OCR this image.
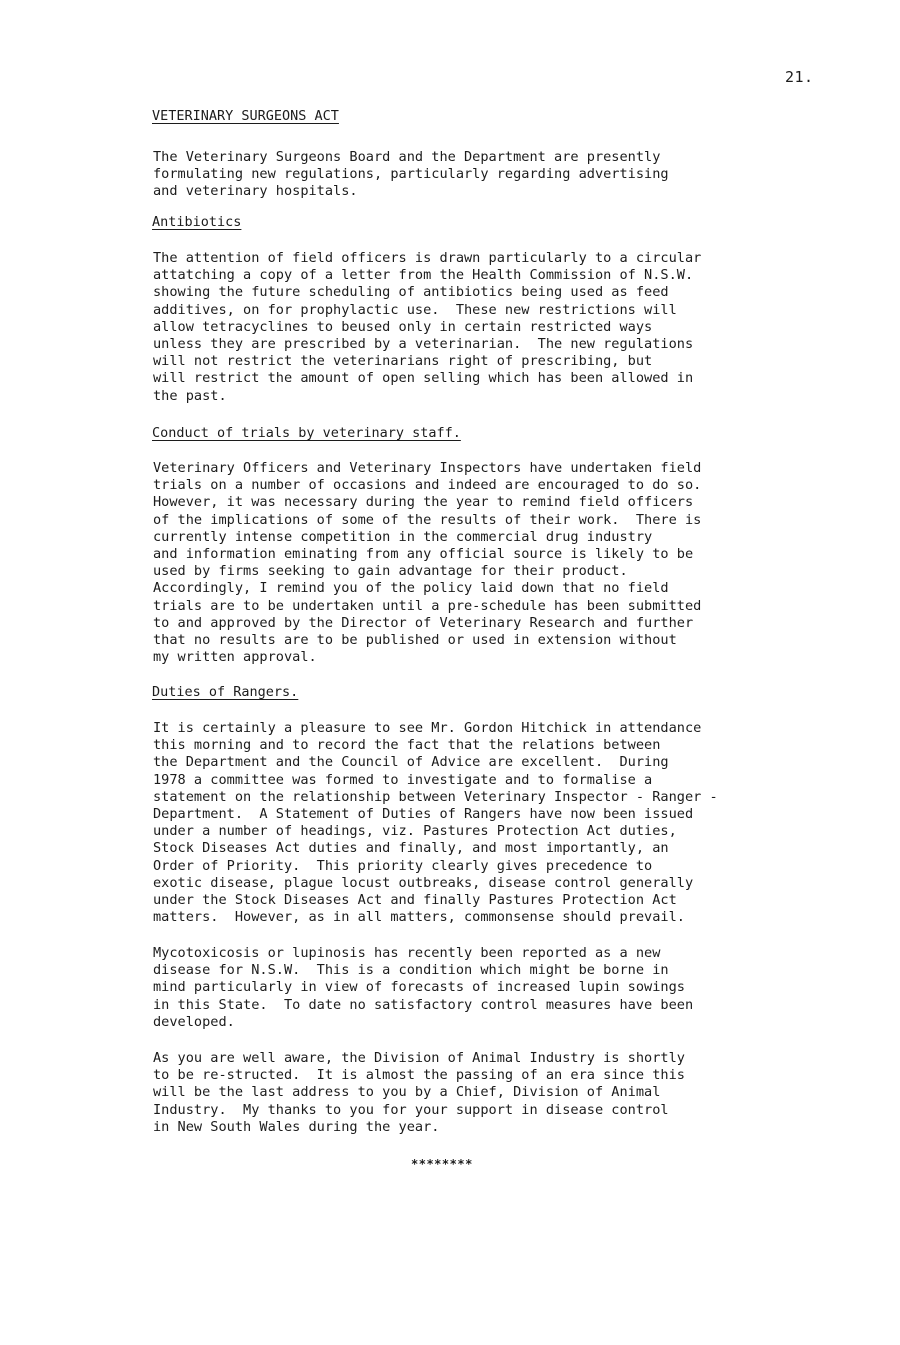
21.
VETERINARY SURGEONS ACT

The Veterinary Surgeons Board and the Department are presently
formulating new regulations, particularly regarding advertising
and veterinary hospitals.

Antibiotics

The attention of field officers is drawn particularly to a circular
attatching a copy of a letter from the Health Commission of N.S.W.
showing the future scheduling of antibiotics being used as feed
additives, on for prophylactic use.  These new restrictions will
allow tetracyclines to beused only in certain restricted ways
unless they are prescribed by a veterinarian.  The new regulations
will not restrict the veterinarians right of prescribing, but
will restrict the amount of open selling which has been allowed in
the past.

Conduct of trials by veterinary staff.

Veterinary Officers and Veterinary Inspectors have undertaken field
trials on a number of occasions and indeed are encouraged to do so.
However, it was necessary during the year to remind field officers
of the implications of some of the results of their work.  There is
currently intense competition in the commercial drug industry
and information eminating from any official source is likely to be
used by firms seeking to gain advantage for their product.
Accordingly, I remind you of the policy laid down that no field
trials are to be undertaken until a pre-schedule has been submitted
to and approved by the Director of Veterinary Research and further
that no results are to be published or used in extension without
my written approval.

Duties of Rangers.

It is certainly a pleasure to see Mr. Gordon Hitchick in attendance
this morning and to record the fact that the relations between
the Department and the Council of Advice are excellent.  During
1978 a committee was formed to investigate and to formalise a
statement on the relationship between Veterinary Inspector - Ranger -
Department.  A Statement of Duties of Rangers have now been issued
under a number of headings, viz. Pastures Protection Act duties,
Stock Diseases Act duties and finally, and most importantly, an
Order of Priority.  This priority clearly gives precedence to
exotic disease, plague locust outbreaks, disease control generally
under the Stock Diseases Act and finally Pastures Protection Act
matters.  However, as in all matters, commonsense should prevail.

Mycotoxicosis or lupinosis has recently been reported as a new
disease for N.S.W.  This is a condition which might be borne in
mind particularly in view of forecasts of increased lupin sowings
in this State.  To date no satisfactory control measures have been
developed.

As you are well aware, the Division of Animal Industry is shortly
to be re-structed.  It is almost the passing of an era since this
will be the last address to you by a Chief, Division of Animal
Industry.  My thanks to you for your support in disease control
in New South Wales during the year.

********
